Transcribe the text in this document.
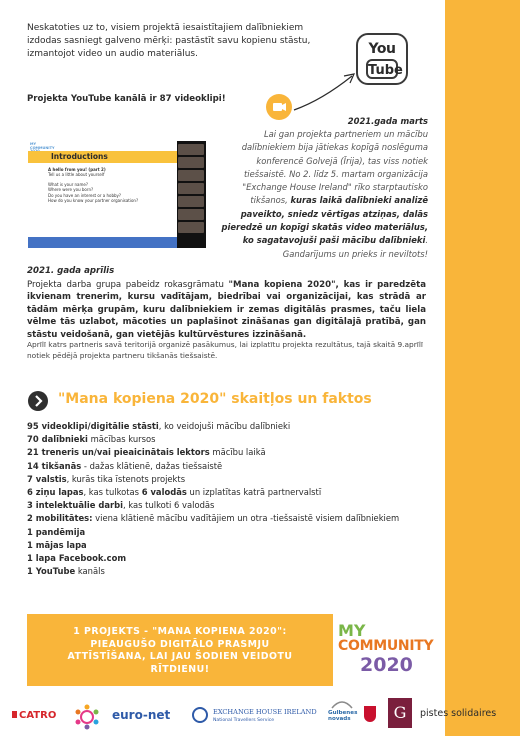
Neskatoties uz to, visiem projektā iesaistītajiem dalībniekiem izdodas sasniegt galveno mērķi: pastāstīt savu kopienu stāstu, izmantojot video un audio materiālus.	You
Tube
Projekta YouTube kanālā ir 87 videoklipi!
2021.gada marts
Lai gan projekta partneriem un mācību dalībniekiem bija jātiekas kopīgā noslēguma konferencē Golvejā (Īrija), tas viss notiek tiešsaistē. No 2. līdz 5. martam organizācija "Exchange House Ireland" rīko starptautisko tikšanos, kuras laikā dalībnieki analizē paveikto, sniedz vērtīgas atziņas, dalās pieredzē un kopīgi skatās video materiālus, ko sagatavojuši paši mācību dalībnieki. Gandarījums un prieks ir neviltots!
MY COMMUNITY
Introductions
A hello from you! (part 2)
Tell us a little about yourself
What is your name?
Where were you born?
Do you have an interest or a hobby?
How do you know your partner organisation?
2021. gada aprīlis
Projekta darba grupa pabeidz rokasgrāmatu "Mana kopiena 2020", kas ir paredzēta ikvienam trenerim, kursu vadītājam, biedrībai vai organizācijai, kas strādā ar tādām mērķa grupām, kuru dalībniekiem ir zemas digitālās prasmes, taču liela vēlme tās uzlabot, mācoties un paplašinot zināšanas gan digitālajā pratībā, gan stāstu veidošanā, gan vietējās kultūrvēstures izzināšanā.
Aprīlī katrs partneris savā teritorijā organizē pasākumus, lai izplatītu projekta rezultātus, tajā skaitā 9.aprīlī notiek pēdējā projekta partneru tikšanās tiešsaistē.
"Mana kopiena 2020" skaitļos un faktos
95 videoklipi/digitālie stāsti, ko veidojuši mācību dalībnieki
70 dalībnieki mācības kursos
21 treneris un/vai pieaicinātais lektors mācību laikā
14 tikšanās - dažas klātienē, dažas tiešsaistē
7 valstis, kurās tika īstenots projekts
6 ziņu lapas, kas tulkotas 6 valodās un izplatītas katrā partnervalstī
3 intelektuālie darbi, kas tulkoti 6 valodās
2 mobilitātes: viena klātienē mācību vadītājiem un otra -tiešsaistē visiem dalībniekiem
1 pandēmija
1 mājas lapa
1 lapa Facebook.com
1 YouTube kanāls
1 PROJEKTS - "MANA KOPIENA 2020":
PIEAUGUŠO DIGITĀLO PRASMJU
ATTĪSTĪŠANA, LAI JAU ŠODIEN VEIDOTU
RĪTDIENU!
MY
COMMUNITY
2020
CATRO	euro-net	EXCHANGE HOUSE IRELAND
National Travellers Service
Gulbenes novads	G	pistes solidaires
